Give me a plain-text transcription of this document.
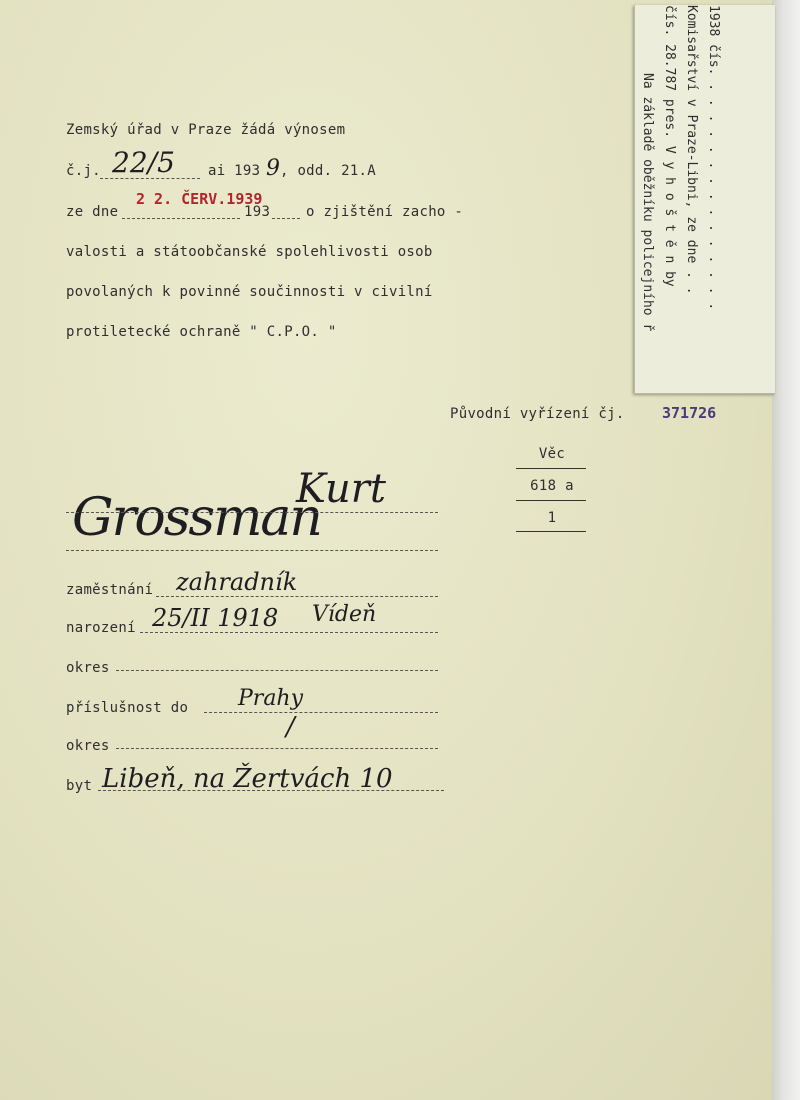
Zemský úřad v Praze žádá výnosem
č.j. 22/5 ai 193 9 , odd. 21.A
ze dne
2 2. ČERV.1939
193	o zjištění zacho -
valosti a státoobčanské spolehlivosti osob
povolaných k povinné součinnosti v civilní
protiletecké ochraně " C.P.O. "
Na základě oběžníku policejního ř čís. 28.787 pres. V y h o š t ě n by Komisařství v Praze-Libni, ze dne . . 1938 čís. . . . . . . . . . . . . . . .
Původní vyřízení čj. 371726
Věc
618 a
1
Grossman
Kurt
zaměstnání zahradník
narození 25/II 1918 Vídeň
okres
příslušnost do Prahy
/
okres
byt Libeň, na Žertvách 10
